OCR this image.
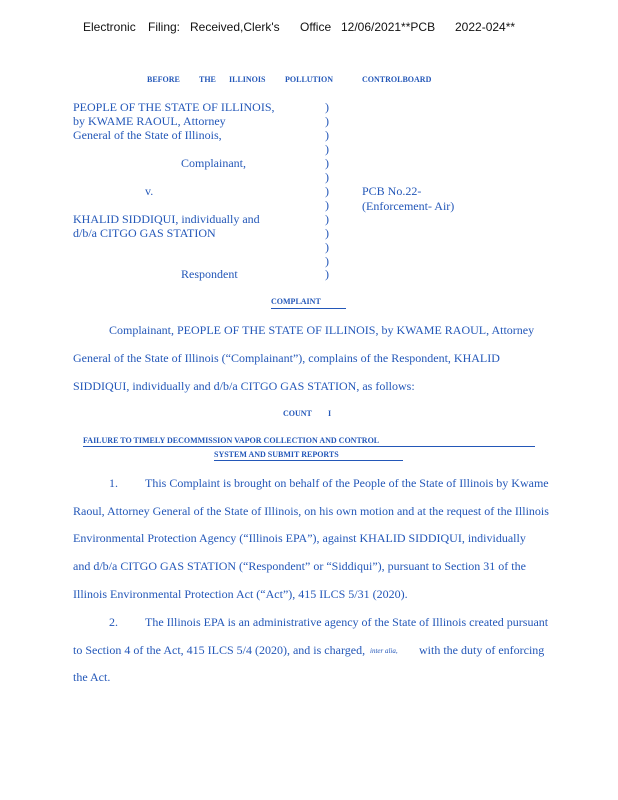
Electronic Filing: Received,Clerk's Office 12/06/2021**PCB 2022-024**
BEFORE THE ILLINOIS POLLUTION	CONTROLBOARD
PEOPLE OF THE STATE OF ILLINOIS,
by KWAME RAOUL, Attorney
General of the State of Illinois,
Complainant,
v.
KHALID SIDDIQUI, individually and
d/b/a CITGO GAS STATION
Respondent
PCB No.22-
(Enforcement- Air)
)
)
)
)
)
)
)
)
)
)
)
)
)
COMPLAINT
Complainant, PEOPLE OF THE STATE OF ILLINOIS, by KWAME RAOUL, Attorney
General of the State of Illinois (“Complainant”), complains of the Respondent, KHALID
SIDDIQUI, individually and d/b/a CITGO GAS STATION, as follows:
COUNT I
FAILURE TO TIMELY DECOMMISSION VAPOR COLLECTION AND CONTROL
SYSTEM AND SUBMIT REPORTS
1. This Complaint is brought on behalf of the People of the State of Illinois by Kwame
Raoul, Attorney General of the State of Illinois, on his own motion and at the request of the Illinois
Environmental Protection Agency (“Illinois EPA”), against KHALID SIDDIQUI, individually
and d/b/a CITGO GAS STATION (“Respondent” or “Siddiqui”), pursuant to Section 31 of the
Illinois Environmental Protection Act (“Act”), 415 ILCS 5/31 (2020).
2. The Illinois EPA is an administrative agency of the State of Illinois created pursuant
to Section 4 of the Act, 415 ILCS 5/4 (2020), and is charged, inter alia, with the duty of enforcing
the Act.
